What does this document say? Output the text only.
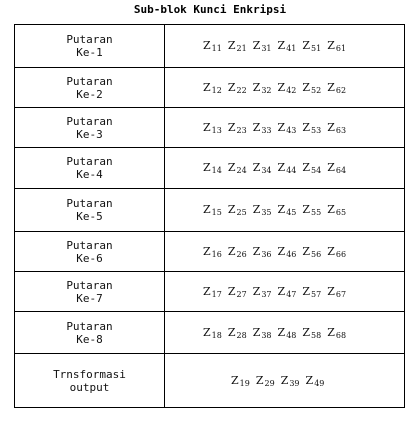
Sub-blok Kunci Enkripsi
Putaran
Ke-1	$Z_{11}$ $Z_{21}$ $Z_{31}$ $Z_{41}$ $Z_{51}$ $Z_{61}$

Putaran
Ke-2	$Z_{12}$ $Z_{22}$ $Z_{32}$ $Z_{42}$ $Z_{52}$ $Z_{62}$

Putaran
Ke-3	$Z_{13}$ $Z_{23}$ $Z_{33}$ $Z_{43}$ $Z_{53}$ $Z_{63}$

Putaran
Ke-4	$Z_{14}$ $Z_{24}$ $Z_{34}$ $Z_{44}$ $Z_{54}$ $Z_{64}$

Putaran
Ke-5	$Z_{15}$ $Z_{25}$ $Z_{35}$ $Z_{45}$ $Z_{55}$ $Z_{65}$

Putaran
Ke-6	$Z_{16}$ $Z_{26}$ $Z_{36}$ $Z_{46}$ $Z_{56}$ $Z_{66}$

Putaran
Ke-7	$Z_{17}$ $Z_{27}$ $Z_{37}$ $Z_{47}$ $Z_{57}$ $Z_{67}$

Putaran
Ke-8	$Z_{18}$ $Z_{28}$ $Z_{38}$ $Z_{48}$ $Z_{58}$ $Z_{68}$

Trnsformasi
output	$Z_{19}$ $Z_{29}$ $Z_{39}$ $Z_{49}$
